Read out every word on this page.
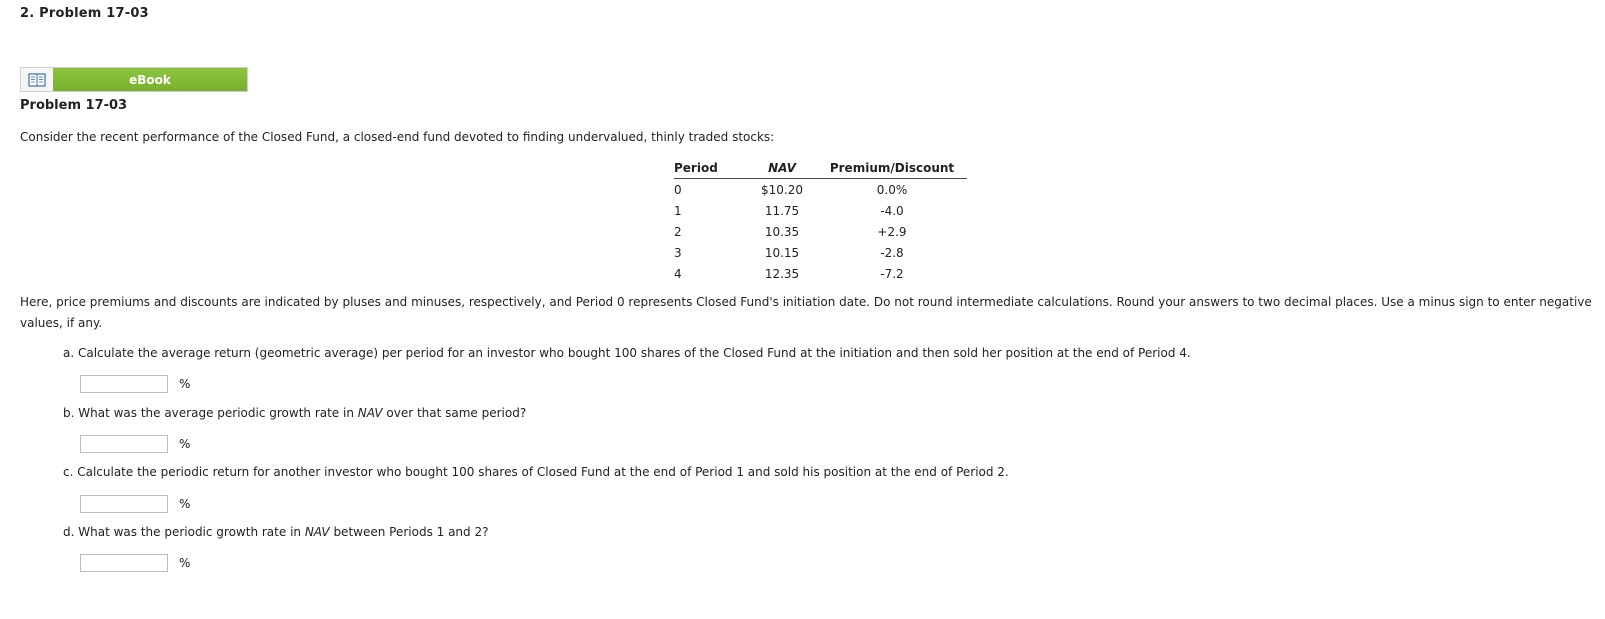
2. Problem 17-03
eBook
Problem 17-03
Consider the recent performance of the Closed Fund, a closed-end fund devoted to finding undervalued, thinly traded stocks:
Period	NAV	Premium/Discount
0	$10.20	0.0%
1	11.75	-4.0
2	10.35	+2.9
3	10.15	-2.8
4	12.35	-7.2
Here, price premiums and discounts are indicated by pluses and minuses, respectively, and Period 0 represents Closed Fund's initiation date. Do not round intermediate calculations. Round your answers to two decimal places. Use a minus sign to enter negative values, if any.
a. Calculate the average return (geometric average) per period for an investor who bought 100 shares of the Closed Fund at the initiation and then sold her position at the end of Period 4.
%
b. What was the average periodic growth rate in NAV over that same period?
%
c. Calculate the periodic return for another investor who bought 100 shares of Closed Fund at the end of Period 1 and sold his position at the end of Period 2.
%
d. What was the periodic growth rate in NAV between Periods 1 and 2?
%
